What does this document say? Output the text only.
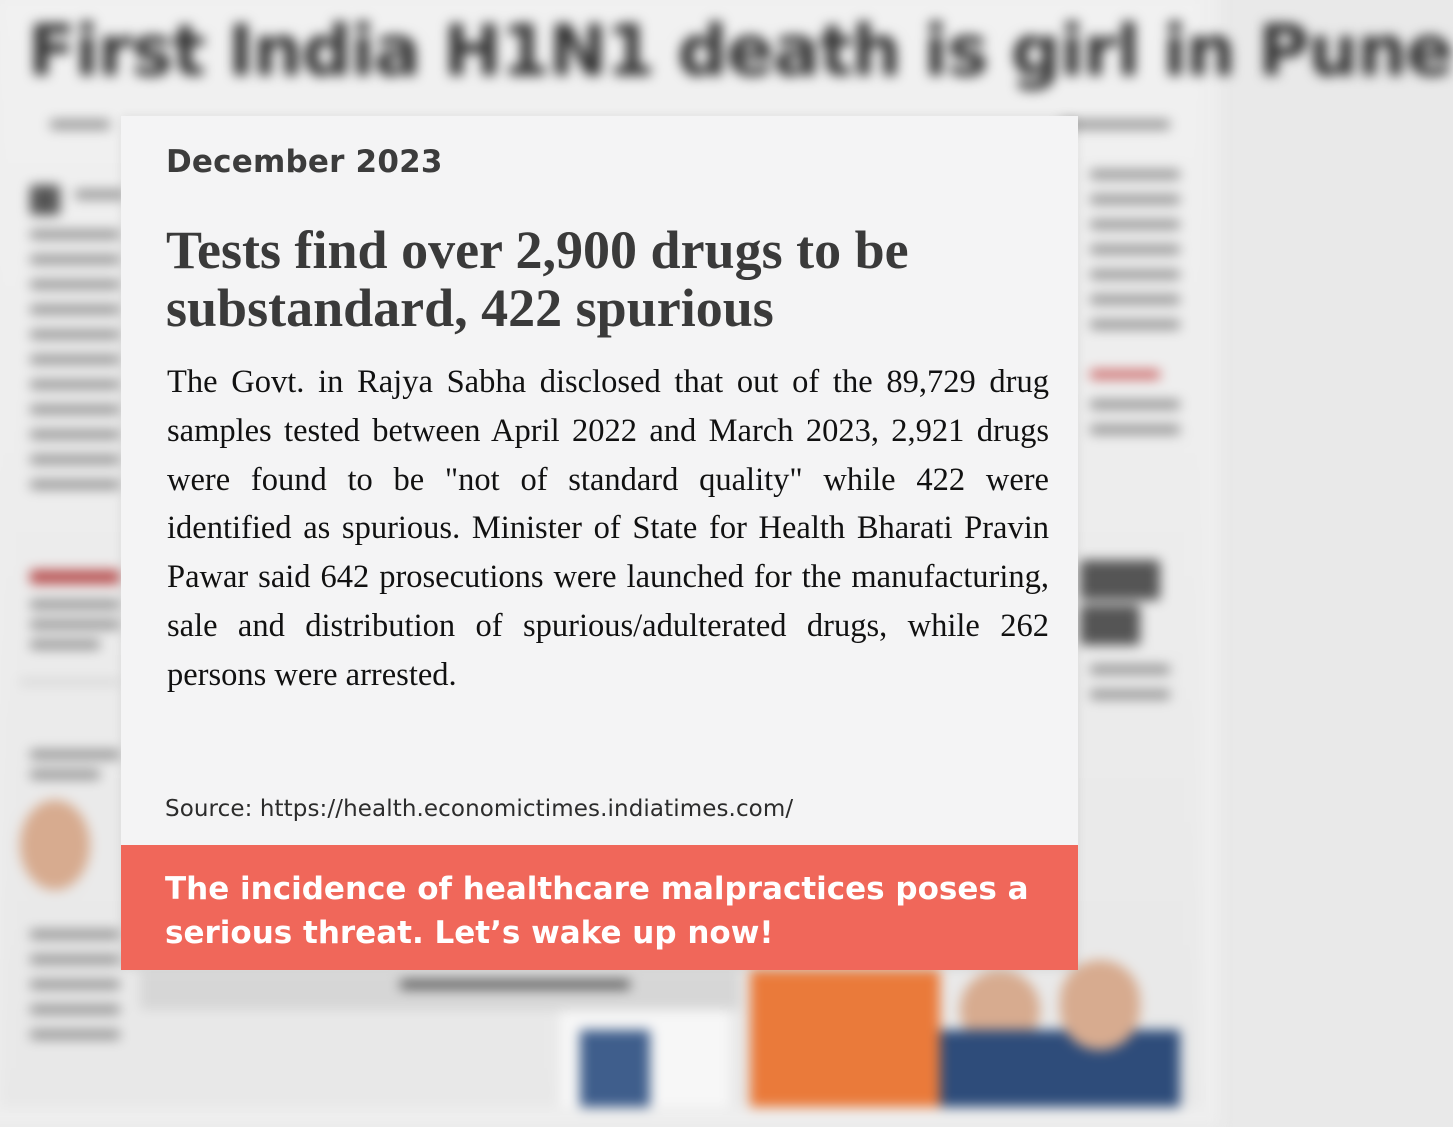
First India H1N1 death is girl in Pune
December 2023
Tests find over 2,900 drugs to be substandard, 422 spurious

The Govt. in Rajya Sabha disclosed that out of the 89,729 drug samples tested between April 2022 and March 2023, 2,921 drugs were found to be "not of standard quality" while 422 were identified as spurious. Minister of State for Health Bharati Pravin Pawar said 642 prosecutions were launched for the manufacturing, sale and distribution of spurious/adulterated drugs, while 262 persons were arrested.

Source: https://health.economictimes.indiatimes.com/

The incidence of healthcare malpractices poses a serious threat. Let’s wake up now!
